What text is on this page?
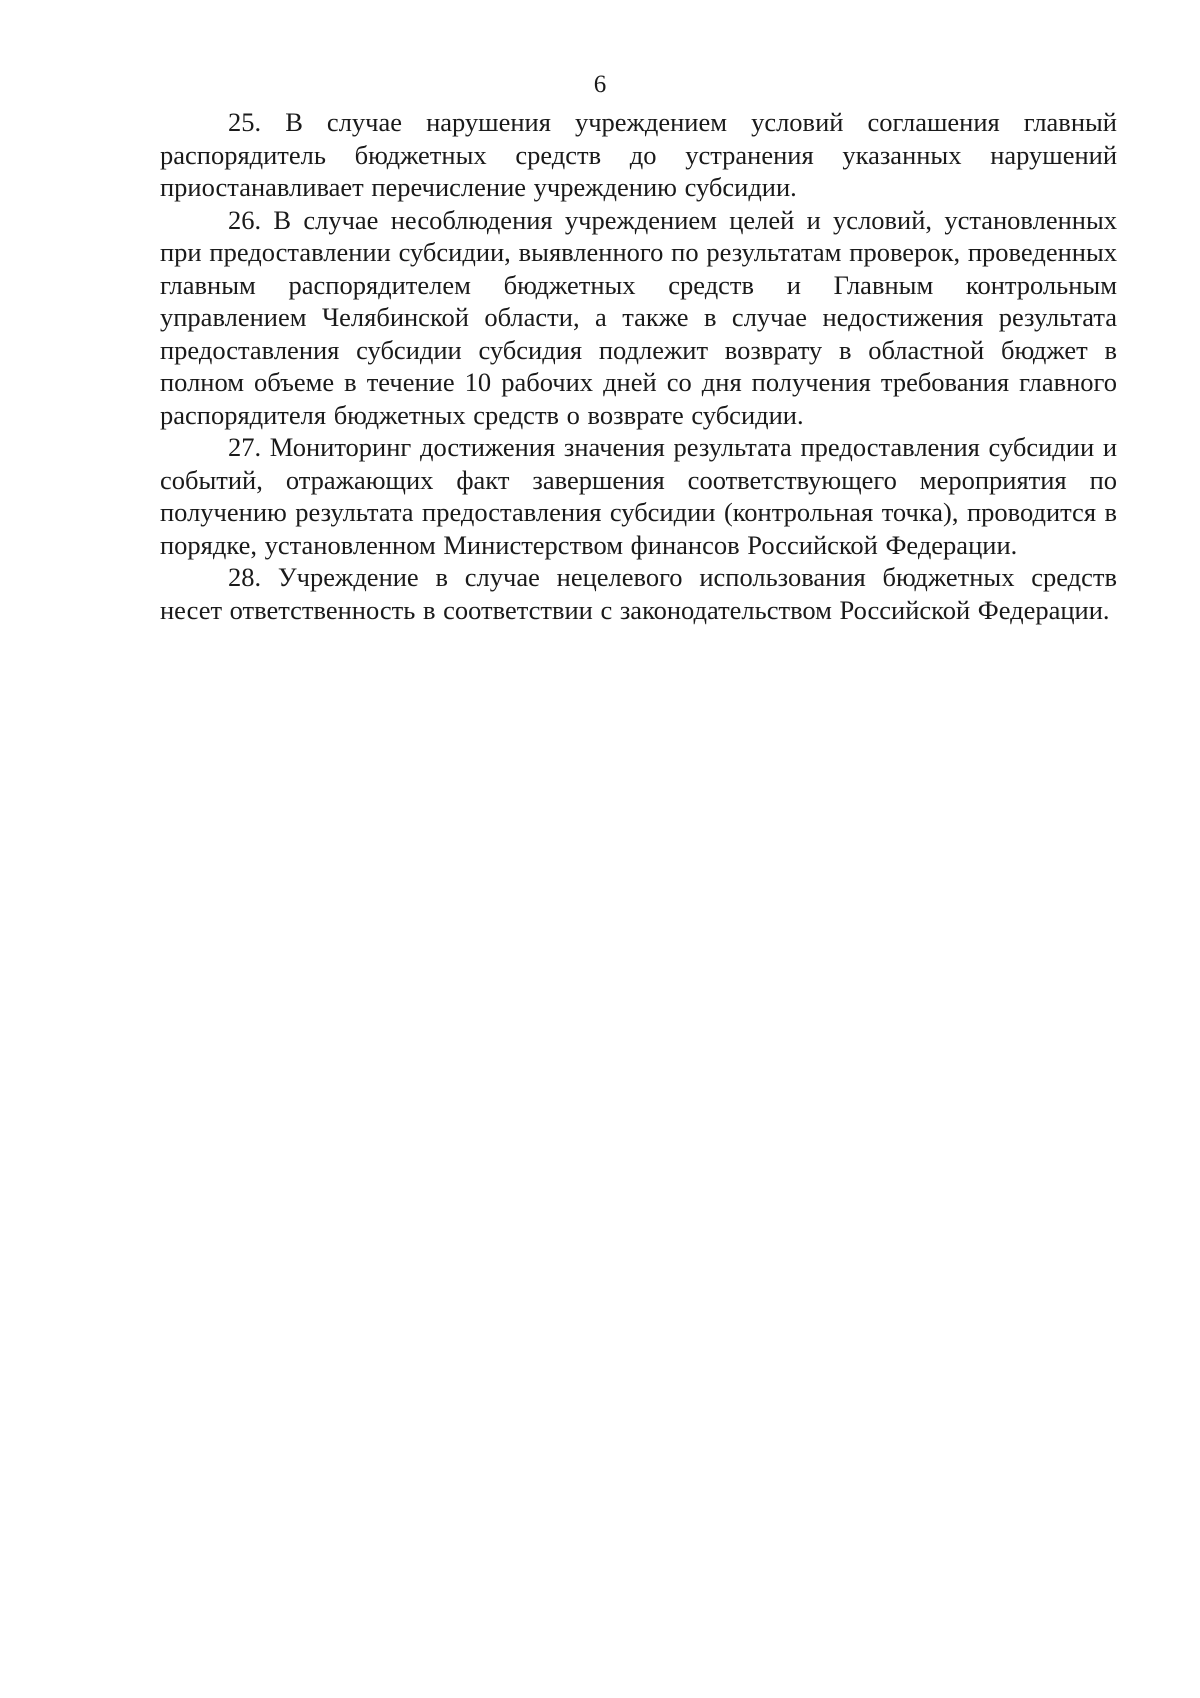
6

25. В случае нарушения учреждением условий соглашения главный распорядитель бюджетных средств до устранения указанных нарушений приостанавливает перечисление учреждению субсидии.

26. В случае несоблюдения учреждением целей и условий, установленных при предоставлении субсидии, выявленного по результатам проверок, проведенных главным распорядителем бюджетных средств и Главным контрольным управлением Челябинской области, а также в случае недостижения результата предоставления субсидии субсидия подлежит возврату в областной бюджет в полном объеме в течение 10 рабочих дней со дня получения требования главного распорядителя бюджетных средств о возврате субсидии.

27. Мониторинг достижения значения результата предоставления субсидии и событий, отражающих факт завершения соответствующего мероприятия по получению результата предоставления субсидии (контрольная точка), проводится в порядке, установленном Министерством финансов Российской Федерации.

28. Учреждение в случае нецелевого использования бюджетных средств несет ответственность в соответствии с законодательством Российской Федерации.
